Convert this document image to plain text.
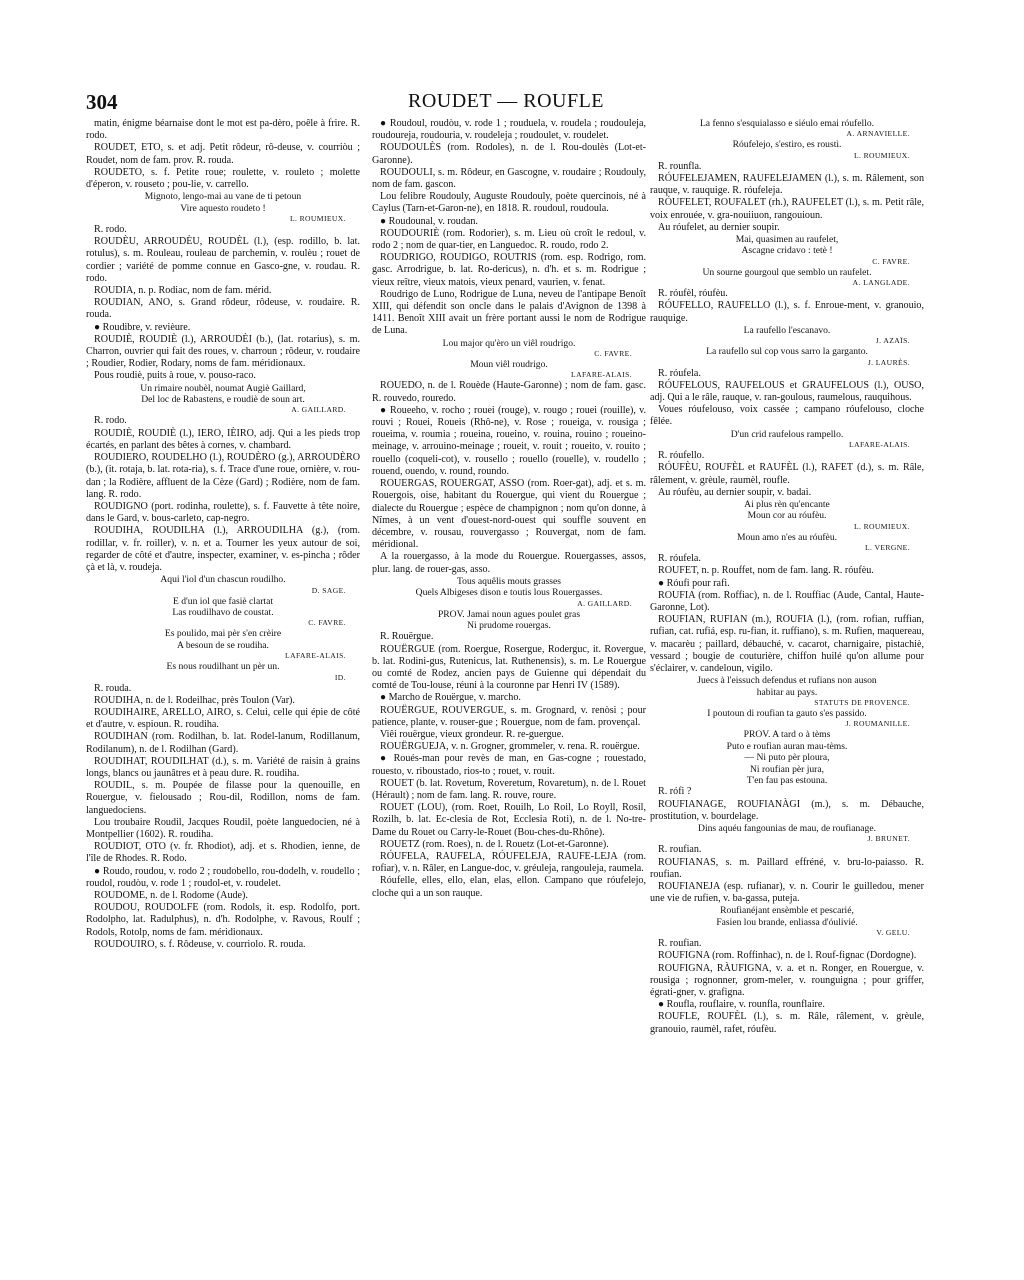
304	ROUDET — ROUFLE

matin, énigme béarnaise dont le mot est pa-dèro, poêle à frire. R. rodo.

ROUDET, ETO, s. et adj. Petit rôdeur, rô-deuse, v. courriòu ; Roudet, nom de fam. prov. R. rouda.

ROUDETO, s. f. Petite roue; roulette, v. rouleto ; molette d'éperon, v. rouseto ; pou-lie, v. carrello.

Mignoto, lengo-mai au vane de ti petoun

Vire aquesto roudeto !

L. ROUMIEUX.

R. rodo.

ROUDÈU, ARROUDÈU, ROUDÈL (l.), (esp. rodillo, b. lat. rotulus), s. m. Rouleau, rouleau de parchemin, v. roulèu ; rouet de cordier ; variété de pomme connue en Gasco-gne, v. roudau. R. rodo.

ROUDIA, n. p. Rodiac, nom de fam. mérid.

ROUDIAN, ANO, s. Grand rôdeur, rôdeuse, v. roudaire. R. rouda.

● Roudibre, v. revièure.

ROUDIÈ, ROUDIÈ (l.), ARROUDÈI (b.), (lat. rotarius), s. m. Charron, ouvrier qui fait des roues, v. charroun ; rôdeur, v. roudaire ; Roudier, Rodier, Rodary, noms de fam. méridionaux.

Pous roudiè, puits à roue, v. pouso-raco.

Un rimaire noubèl, noumat Augiè Gaillard,

Del loc de Rabastens, e roudiè de soun art.

A. GAILLARD.

R. rodo.

ROUDIÈ, ROUDIÈ (l.), IERO, IÈIRO, adj. Qui a les pieds trop écartés, en parlant des bêtes à cornes, v. chambard.

ROUDIERO, ROUDELHO (l.), ROUDÈRO (g.), ARROUDÈRO (b.), (it. rotaja, b. lat. rota-ria), s. f. Trace d'une roue, ornière, v. rou-dan ; la Rodière, affluent de la Cèze (Gard) ; Rodière, nom de fam. lang. R. rodo.

ROUDIGNO (port. rodinha, roulette), s. f. Fauvette à tête noire, dans le Gard, v. bous-carleto, cap-negro.

ROUDIHA, ROUDILHA (l.), ARROUDILHA (g.), (rom. rodillar, v. fr. roiller), v. n. et a. Tourner les yeux autour de soi, regarder de côté et d'autre, inspecter, examiner, v. es-pincha ; rôder çà et là, v. roudeja.

Aqui l'iol d'un chascun roudilho.

D. SAGE.

E d'un iol que fasiè clartat

Las roudilhavo de coustat.

C. FAVRE.

Es poulido, mai pèr s'en crèire

A besoun de se roudiha.

LAFARE-ALAIS.

Es nous roudilhant un pèr un.

ID.

R. rouda.

ROUDIHA, n. de l. Rodeilhac, près Toulon (Var).

ROUDIHAIRE, ARELLO, AIRO, s. Celui, celle qui épie de côté et d'autre, v. espioun. R. roudiha.

ROUDIHAN (rom. Rodilhan, b. lat. Rodel-lanum, Rodillanum, Rodilanum), n. de l. Rodilhan (Gard).

ROUDIHAT, ROUDILHAT (d.), s. m. Variété de raisin à grains longs, blancs ou jaunâtres et à peau dure. R. roudiha.

ROUDIL, s. m. Poupée de filasse pour la quenouille, en Rouergue, v. fielousado ; Rou-dil, Rodillon, noms de fam. languedociens.

Lou troubaire Roudil, Jacques Roudil, poète languedocien, né à Montpellier (1602). R. roudiha.

ROUDIOT, OTO (v. fr. Rhodiot), adj. et s. Rhodien, ienne, de l'île de Rhodes. R. Rodo.

● Roudo, roudou, v. rodo 2 ; roudobello, rou-dodelh, v. roudello ; roudol, roudòu, v. rode 1 ; roudol-et, v. roudelet.

ROUDOME, n. de l. Rodome (Aude).

ROUDOU, ROUDOLFE (rom. Rodols, it. esp. Rodolfo, port. Rodolpho, lat. Radulphus), n. d'h. Rodolphe, v. Ravous, Roulf ; Rodols, Rotolp, noms de fam. méridionaux.

ROUDOUIRO, s. f. Rôdeuse, v. courriolo. R. rouda.

● Roudoul, roudòu, v. rode 1 ; rouduela, v. roudela ; roudouleja, roudoureja, roudouria, v. roudeleja ; roudoulet, v. roudelet.

ROUDOULÈS (rom. Rodoles), n. de l. Rou-doulès (Lot-et-Garonne).

ROUDOULI, s. m. Rôdeur, en Gascogne, v. roudaire ; Roudouly, nom de fam. gascon.

Lou felibre Roudouly, Auguste Roudouly, poète quercinois, né à Caylus (Tarn-et-Garon-ne), en 1818. R. roudoul, roudoula.

● Roudounal, v. roudan.

ROUDOURIÈ (rom. Rodorier), s. m. Lieu où croît le redoul, v. rodo 2 ; nom de quar-tier, en Languedoc. R. roudo, rodo 2.

ROUDRIGO, ROUDIGO, ROUTRIS (rom. esp. Rodrigo, rom. gasc. Arrodrigue, b. lat. Ro-dericus), n. d'h. et s. m. Rodrigue ; vieux reître, vieux matois, vieux penard, vaurien, v. fenat.

Roudrigo de Luno, Rodrigue de Luna, neveu de l'antipape Benoît XIII, qui défendit son oncle dans le palais d'Avignon de 1398 à 1411. Benoît XIII avait un frère portant aussi le nom de Rodrigue de Luna.

Lou major qu'èro un viêl roudrigo.

C. FAVRE.

Moun viêl roudrigo.

LAFARE-ALAIS.

ROUEDO, n. de l. Rouède (Haute-Garonne) ; nom de fam. gasc. R. rouvedo, rouredo.

● Roueeho, v. rocho ; rouei (rouge), v. rougo ; rouei (rouille), v. rouvi ; Rouei, Roueis (Rhô-ne), v. Rose ; roueiga, v. rousiga ; roueima, v. roumia ; roueina, roueino, v. rouina, rouino ; roueino-meinage, v. arrouino-meinage ; roueit, v. rouit ; roueito, v. rouito ; rouello (coqueli-cot), v. rousello ; rouello (rouelle), v. roudello ; rouend, ouendo, v. round, roundo.

ROUERGAS, ROUERGAT, ASSO (rom. Roer-gat), adj. et s. m. Rouergois, oise, habitant du Rouergue, qui vient du Rouergue ; dialecte du Rouergue ; espèce de champignon ; nom qu'on donne, à Nîmes, à un vent d'ouest-nord-ouest qui souffle souvent en décembre, v. rousau, rouvergasso ; Rouvergat, nom de fam. méridional.

A la rouergasso, à la mode du Rouergue. Rouergasses, assos, plur. lang. de rouer-gas, asso.

Tous aquêlis mouts grasses

Quels Albigeses dison e toutis lous Rouergasses.

A. GAILLARD.

PROV. Jamai noun agues poulet gras

Ni prudome rouergas.

R. Rouërgue.

ROUËRGUE (rom. Roergue, Rosergue, Roderguc, it. Rovergue, b. lat. Rodini-gus, Rutenicus, lat. Ruthenensis), s. m. Le Rouergue ou comté de Rodez, ancien pays de Guienne qui dépendait du comté de Tou-louse, réuni à la couronne par Henri IV (1589).

● Marcho de Rouërgue, v. marcho.

ROUËRGUE, ROUVERGUE, s. m. Grognard, v. renòsi ; pour patience, plante, v. rouser-gue ; Rouergue, nom de fam. provençal.

Viêi rouërgue, vieux grondeur. R. re-guergue.

ROUËRGUEJA, v. n. Grogner, grommeler, v. rena. R. rouërgue.

● Roués-man pour revès de man, en Gas-cogne ; rouestado, rouesto, v. riboustado, rios-to ; rouet, v. rouit.

ROUET (b. lat. Rovetum, Roveretum, Rovaretum), n. de l. Rouet (Hérault) ; nom de fam. lang. R. rouve, roure.

ROUET (LOU), (rom. Roet, Rouilh, Lo Roil, Lo Royll, Rosil, Rozilh, b. lat. Ec-clesia de Rot, Ecclesia Roti), n. de l. No-tre-Dame du Rouet ou Carry-le-Rouet (Bou-ches-du-Rhône).

ROUETZ (rom. Roes), n. de l. Rouetz (Lot-et-Garonne).

RÓUFELA, RAUFELA, RÓUFELEJA, RAUFE-LEJA (rom. rofiar), v. n. Râler, en Langue-doc, v. gréuleja, rangouleja, raumela.

Róufelle, elles, ello, elan, elas, ellon. Campano que róufelejo, cloche qui a un son rauque.

La fenno s'esquialasso e siéulo emai róufello.

A. ARNAVIELLE.

Róufelejo, s'estiro, es roustì.

L. ROUMIEUX.

R. rounfla.

RÓUFELEJAMEN, RAUFELEJAMEN (l.), s. m. Râlement, son rauque, v. rauquige. R. róufeleja.

RÓUFELET, ROUFALET (rh.), RAUFELET (l.), s. m. Petit râle, voix enrouée, v. gra-nouiiuon, rangouioun.

Au róufelet, au dernier soupir.

Mai, quasimen au raufelet,

Ascagne cridavo : tetè !

C. FAVRE.

Un sourne gourgoul que semblo un raufelet.

A. LANGLADE.

R. róufèl, róufèu.

RÓUFELLO, RAUFELLO (l.), s. f. Enroue-ment, v. granouio, rauquige.

La raufello l'escanavo.

J. AZAÏS.

La raufello sul cop vous sarro la garganto.

J. LAURÈS.

R. róufela.

RÓUFELOUS, RAUFELOUS et GRAUFELOUS (l.), OUSO, adj. Qui a le râle, rauque, v. ran-goulous, raumelous, rauquihous.

Voues róufelouso, voix cassée ; campano róufelouso, cloche fêlée.

D'un crid raufelous rampello.

LAFARE-ALAIS.

R. róufello.

RÓUFÈU, ROUFÈL et RAUFÈL (l.), RAFET (d.), s. m. Râle, râlement, v. grèule, raumèl, roufle.

Au róufèu, au dernier soupir, v. badai.

Ai plus rèn qu'encante

Moun cor au róufèu.

L. ROUMIEUX.

Moun amo n'es au róufèu.

L. VERGNE.

R. róufela.

ROUFET, n. p. Rouffet, nom de fam. lang. R. róufèu.

● Róufi pour rafi.

ROUFIA (rom. Roffiac), n. de l. Rouffiac (Aude, Cantal, Haute-Garonne, Lot).

ROUFIAN, RUFIAN (m.), ROUFIA (l.), (rom. rofian, ruffian, rufian, cat. rufiá, esp. ru-fian, it. ruffiano), s. m. Rufien, maquereau, v. macarèu ; paillard, débauché, v. cacarot, charnigaire, pistachiè, vessard ; bougie de couturière, chiffon huilé qu'on allume pour s'éclairer, v. candeloun, vigilo.

Juecs à l'eissuch defendus et rufians non auson

habitar au pays.

STATUTS DE PROVENCE.

I poutoun di roufian ta gauto s'es passido.

J. ROUMANILLE.

PROV. A tard o à tèms

Puto e roufian auran mau-tèms.

— Ni puto pèr ploura,

Ni roufian pèr jura,

T'en fau pas estouna.

R. rófi ?

ROUFIANAGE, ROUFIANÀGI (m.), s. m. Débauche, prostitution, v. bourdelage.

Dins aquéu fangounias de mau, de roufianage.

J. BRUNET.

R. roufian.

ROUFIANAS, s. m. Paillard effréné, v. bru-lo-paiasso. R. roufian.

ROUFIANEJA (esp. rufianar), v. n. Courir le guilledou, mener une vie de rufien, v. ba-gassa, puteja.

Roufianéjant ensèmble et pescarié,

Fasien lou brande, enliassa d'óulivié.

V. GELU.

R. roufian.

ROUFIGNA (rom. Roffinhac), n. de l. Rouf-fignac (Dordogne).

ROUFIGNA, RÀUFIGNA, v. a. et n. Ronger, en Rouergue, v. rousiga ; rognonner, grom-meler, v. rounguigna ; pour griffer, égrati-gner, v. grafigna.

● Roufla, rouflaire, v. rounfla, rounflaire.

ROUFLE, ROUFÈL (l.), s. m. Râle, râlement, v. grèule, granouio, raumèl, rafet, róufèu.
